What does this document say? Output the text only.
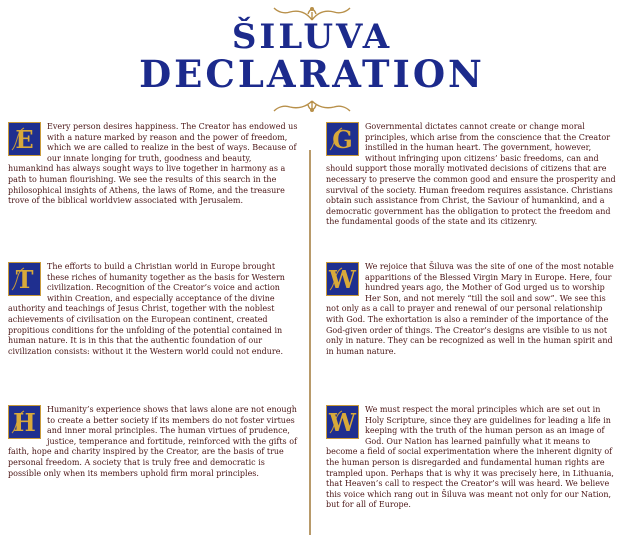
ŠILUVA
DECLARATION
E	Every person desires happiness. The Creator has endowed us with a nature marked by reason and the power of freedom, which we are called to realize in the best of ways. Because of our innate longing for truth, goodness and beauty, humankind has always sought ways to live together in harmony as a path to human flourishing. We see the results of this search in the philosophical insights of Athens, the laws of Rome, and the treasure trove of the biblical worldview associated with Jerusalem.

T	The efforts to build a Christian world in Europe brought these riches of humanity together as the basis for Western civilization. Recognition of the Creator’s voice and action within Creation, and especially acceptance of the divine authority and teachings of Jesus Christ, together with the noblest achievements of civilisation on the European continent, created propitious conditions for the unfolding of the potential contained in human nature. It is in this that the authentic foundation of our civilization consists: without it the Western world could not endure.

H	Humanity’s experience shows that laws alone are not enough to create a better society if its members do not foster virtues and inner moral principles. The human virtues of prudence, justice, temperance and fortitude, reinforced with the gifts of faith, hope and charity inspired by the Creator, are the basis of true personal freedom. A society that is truly free and democratic is possible only when its members uphold firm moral principles.

G	Governmental dictates cannot create or change moral principles, which arise from the conscience that the Creator instilled in the human heart. The government, however, without infringing upon citizens’ basic freedoms, can and should support those morally motivated decisions of citizens that are necessary to preserve the common good and ensure the prosperity and survival of the society. Human freedom requires assistance. Christians obtain such assistance from Christ, the Saviour of humankind, and a democratic government has the obligation to protect the freedom and the fundamental goods of the state and its citizenry.

W	We rejoice that Šiluva was the site of one of the most notable apparitions of the Blessed Virgin Mary in Europe. Here, four hundred years ago, the Mother of God urged us to worship Her Son, and not merely “till the soil and sow”. We see this not only as a call to prayer and renewal of our personal relationship with God. The exhortation is also a reminder of the importance of the God-given order of things. The Creator’s designs are visible to us not only in nature. They can be recognized as well in the human spirit and in human nature.

W	We must respect the moral principles which are set out in Holy Scripture, since they are guidelines for leading a life in keeping with the truth of the human person as an image of God. Our Nation has learned painfully what it means to become a field of social experimentation where the inherent dignity of the human person is disregarded and fundamental human rights are trampled upon. Perhaps that is why it was precisely here, in Lithuania, that Heaven’s call to respect the Creator’s will was heard. We believe this voice which rang out in Šiluva was meant not only for our Nation, but for all of Europe.
